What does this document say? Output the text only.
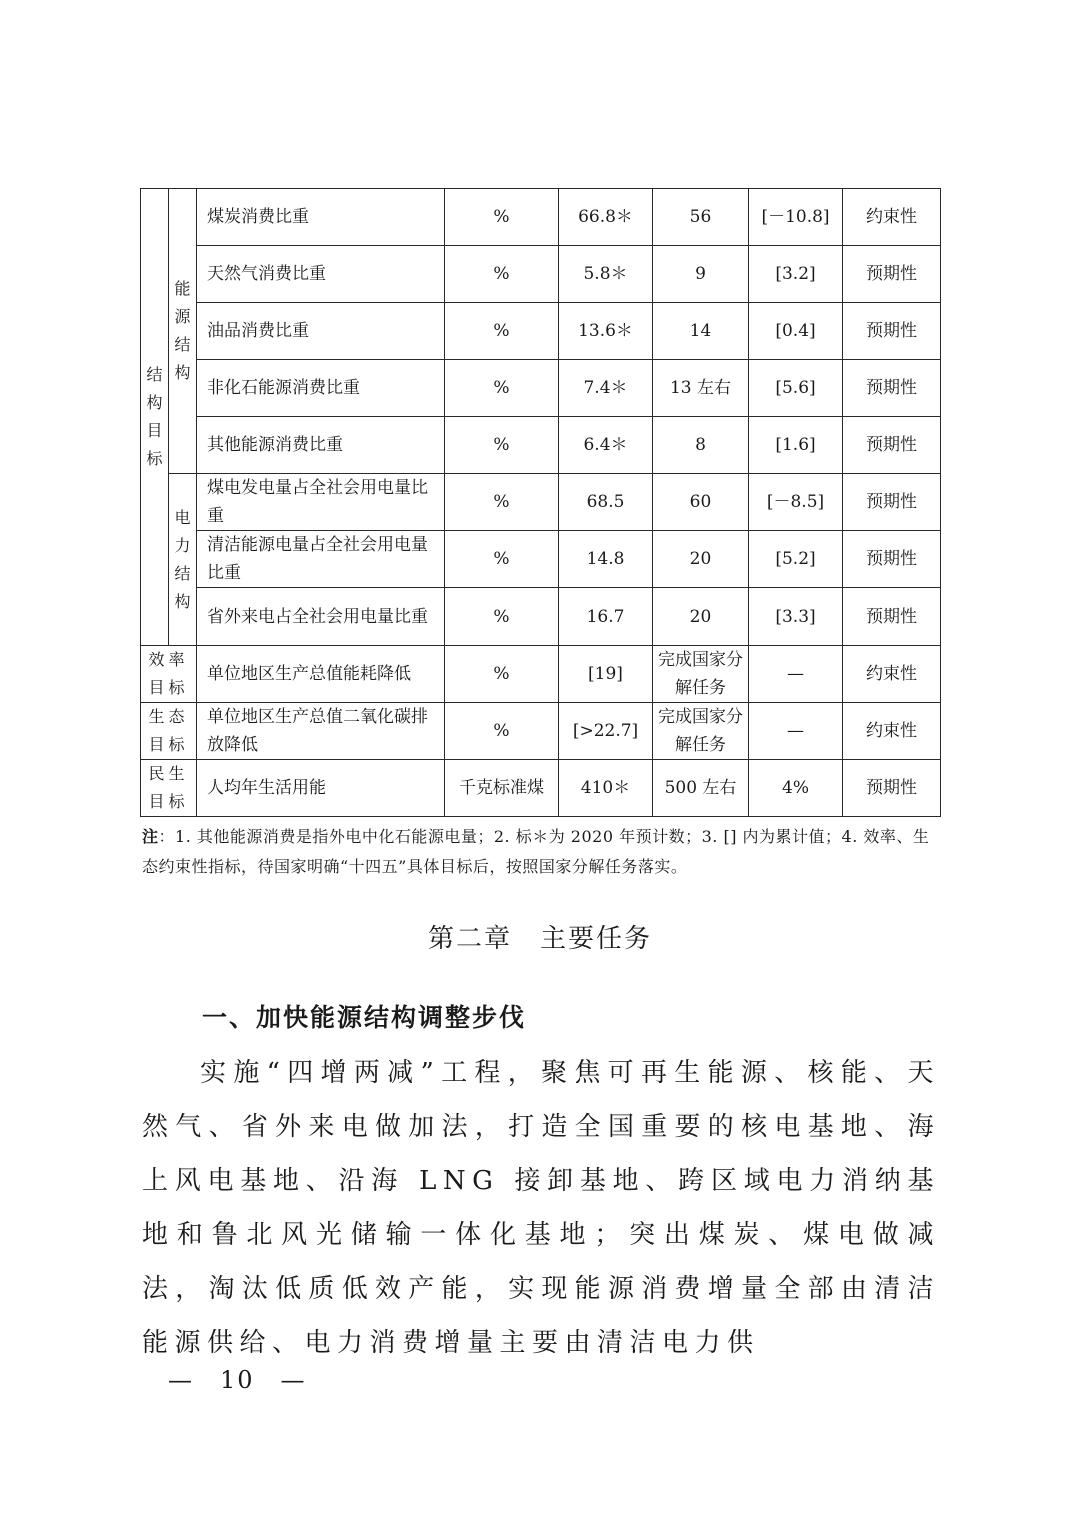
结构目标	能源结构	煤炭消费比重	%	66.8＊	56	[－10.8]	约束性
		天然气消费比重	%	5.8＊	9	[3.2]	预期性
		油品消费比重	%	13.6＊	14	[0.4]	预期性
		非化石能源消费比重	%	7.4＊	13 左右	[5.6]	预期性
		其他能源消费比重	%	6.4＊	8	[1.6]	预期性

	电力结构	煤电发电量占全社会用电量比重	%	68.5	60	[－8.5]	预期性
		清洁能源电量占全社会用电量比重	%	14.8	20	[5.2]	预期性
		省外来电占全社会用电量比重	%	16.7	20	[3.3]	预期性
效率目标		单位地区生产总值能耗降低	%	[19]	完成国家分解任务	—	约束性
生态目标		单位地区生产总值二氧化碳排放降低	%	[>22.7]	完成国家分解任务	—	约束性
民生目标		人均年生活用能	千克标准煤	410＊	500 左右	4%	预期性
注：1. 其他能源消费是指外电中化石能源电量；2. 标＊为 2020 年预计数；3. [] 内为累计值；4. 效率、生态约束性指标，待国家明确“十四五”具体目标后，按照国家分解任务落实。
第二章　主要任务
一、加快能源结构调整步伐

实施“四增两减”工程，聚焦可再生能源、核能、天然气、省外来电做加法，打造全国重要的核电基地、海上风电基地、沿海 LNG 接卸基地、跨区域电力消纳基地和鲁北风光储输一体化基地；突出煤炭、煤电做减法，淘汰低质低效产能，实现能源消费增量全部由清洁能源供给、电力消费增量主要由清洁电力供

—　10　—
